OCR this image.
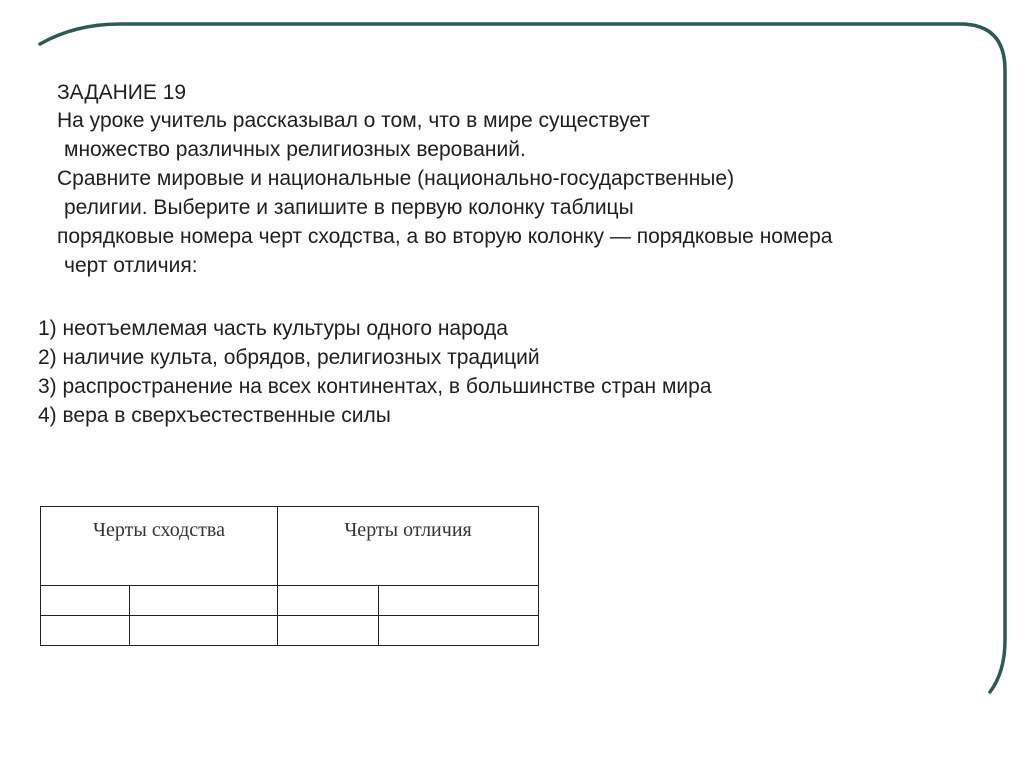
ЗАДАНИЕ 19
На уроке учитель рассказывал о том, что в мире существует
множество различных религиозных верований.
Сравните мировые и национальные (национально-государственные)
религии. Выберите и запишите в первую колонку таблицы
порядковые номера черт сходства, а во вторую колонку — порядковые номера
черт отличия:
1) неотъемлемая часть культуры одного народа
2) наличие культа, обрядов, религиозных традиций
3) распространение на всех континентах, в большинстве стран мира
4) вера в сверхъестественные силы
Черты сходства		Черты отличия	
